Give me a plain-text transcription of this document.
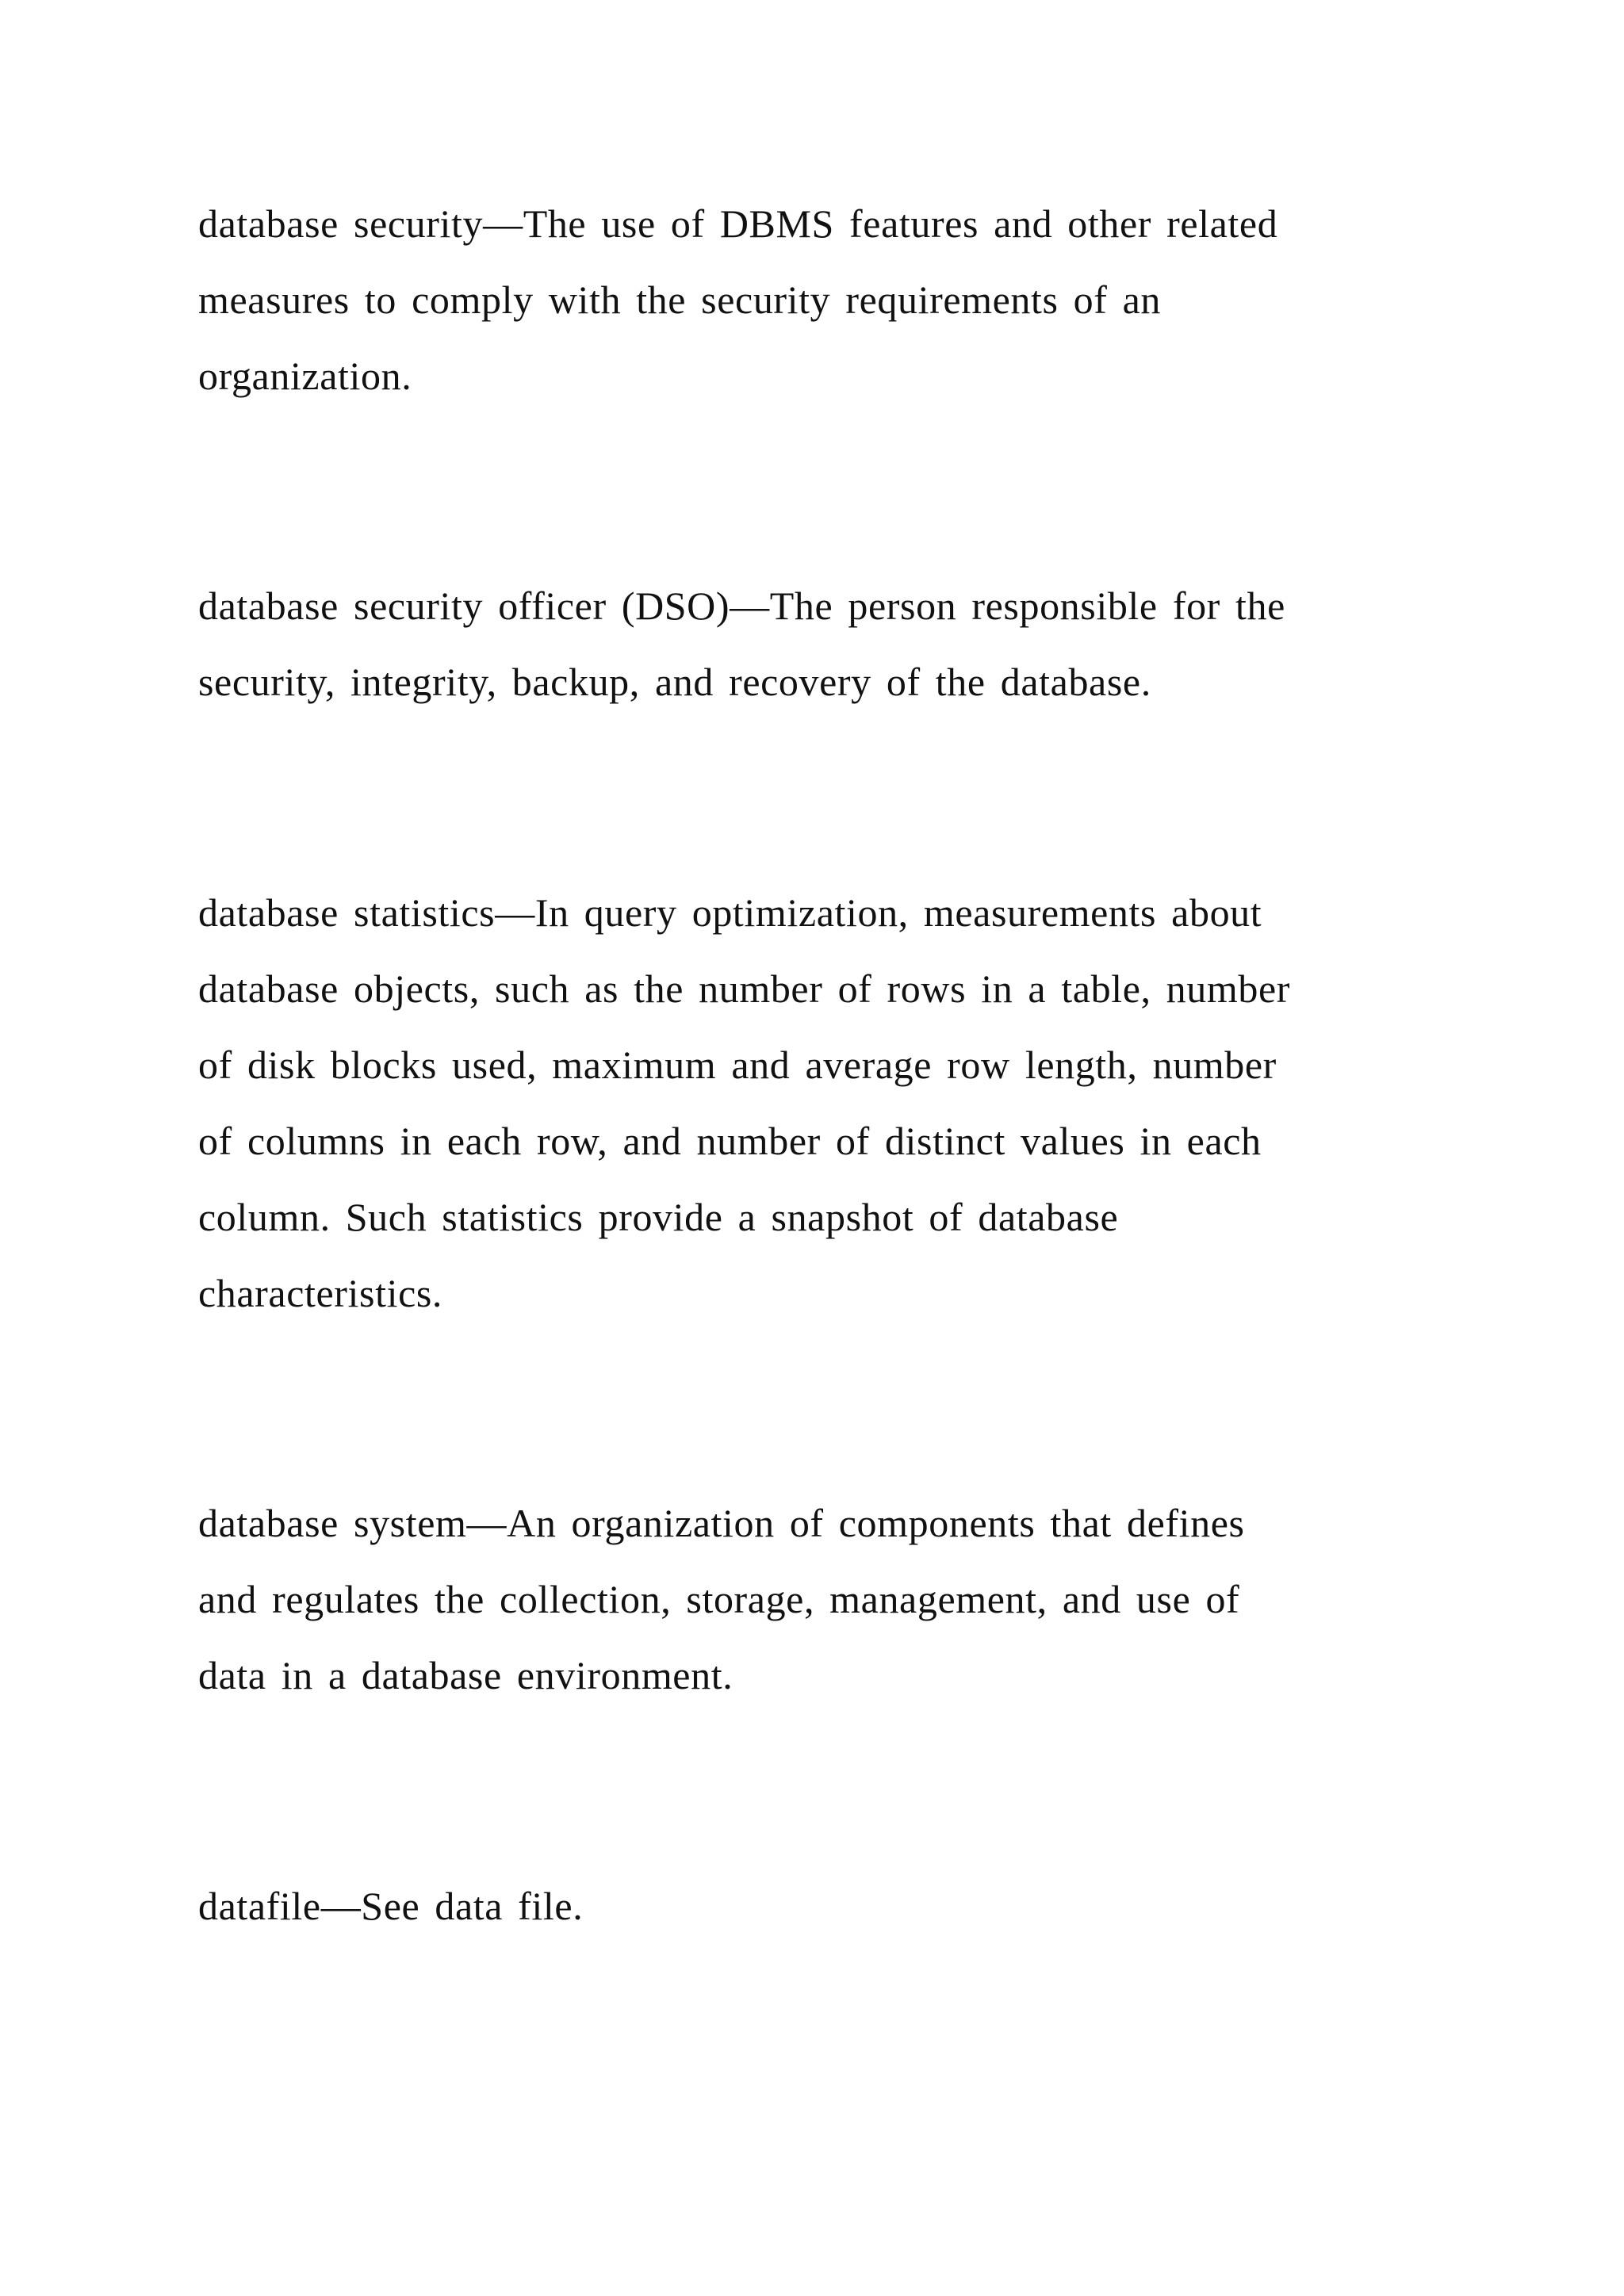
database security—The use of DBMS features and other related
measures to comply with the security requirements of an
organization.

database security officer (DSO)—The person responsible for the
security, integrity, backup, and recovery of the database.

database statistics—In query optimization, measurements about
database objects, such as the number of rows in a table, number
of disk blocks used, maximum and average row length, number
of columns in each row, and number of distinct values in each
column. Such statistics provide a snapshot of database
characteristics.

database system—An organization of components that defines
and regulates the collection, storage, management, and use of
data in a database environment.

datafile—See data file.
